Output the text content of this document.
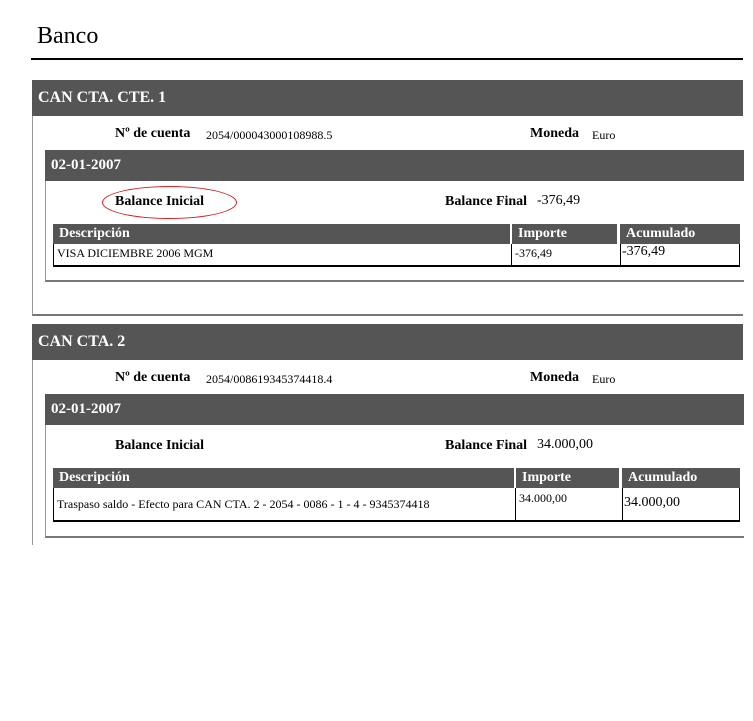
Banco
CAN CTA. CTE. 1
Nº de cuenta 2054/000043000108988.5	Moneda Euro
02-01-2007
Balance Inicial	Balance Final -376,49
Descripción	Importe	Acumulado
VISA DICIEMBRE 2006 MGM	-376,49	-376,49
CAN CTA. 2
Nº de cuenta 2054/008619345374418.4	Moneda Euro
02-01-2007
Balance Inicial	Balance Final 34.000,00
Descripción	Importe	Acumulado
Traspaso saldo - Efecto para CAN CTA. 2 - 2054 - 0086 - 1 - 4 - 9345374418	34.000,00	34.000,00
